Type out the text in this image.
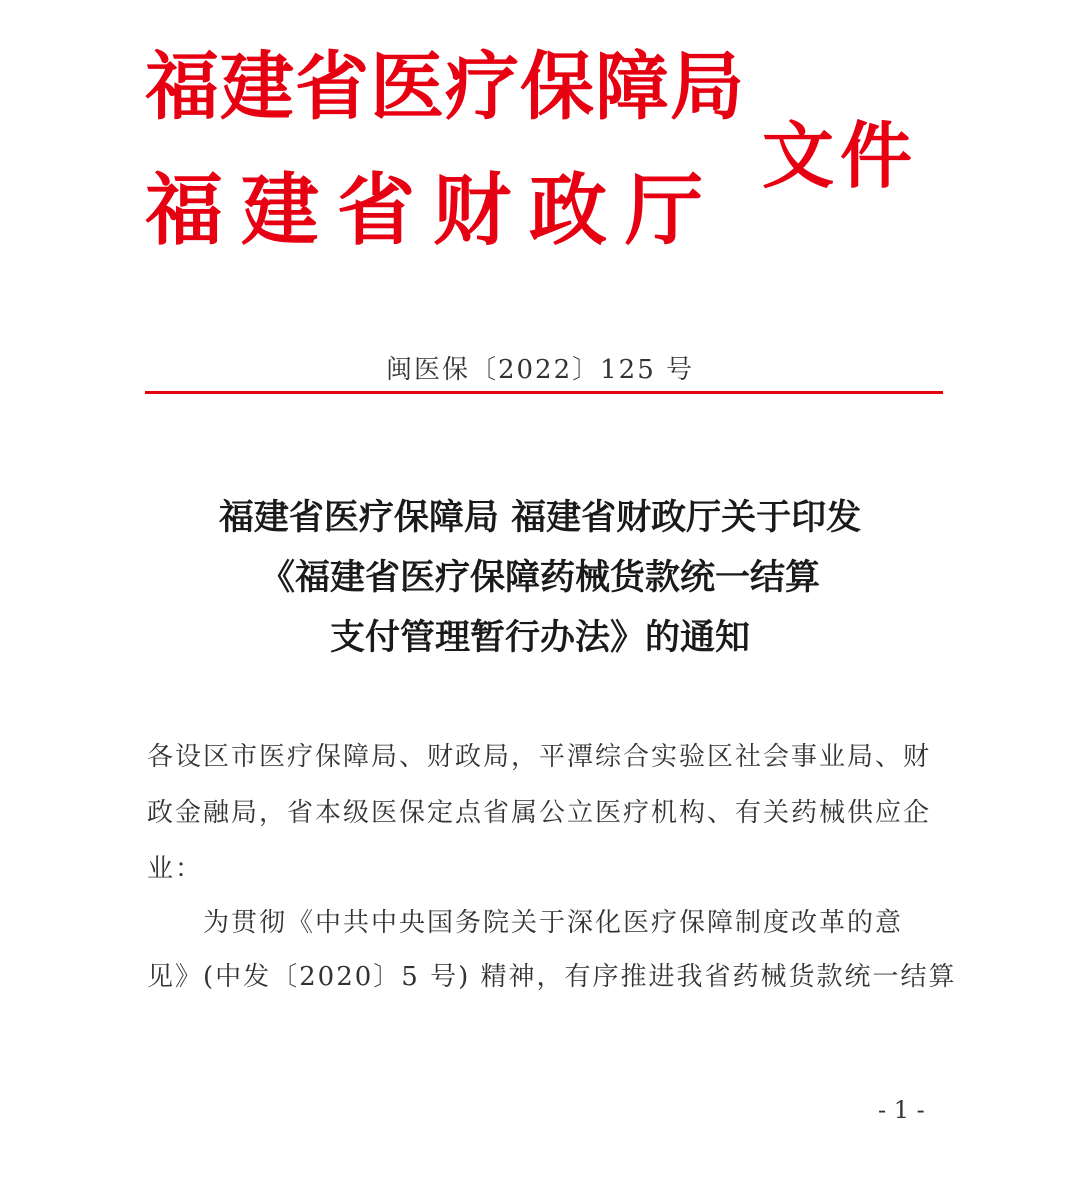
福建省医疗保障局
福建省财政厅
文件
闽医保〔2022〕125 号
福建省医疗保障局 福建省财政厅关于印发
《福建省医疗保障药械货款统一结算
支付管理暂行办法》的通知
各设区市医疗保障局、财政局，平潭综合实验区社会事业局、财
政金融局，省本级医保定点省属公立医疗机构、有关药械供应企
业：
为贯彻《中共中央国务院关于深化医疗保障制度改革的意
见》(中发〔2020〕5 号) 精神，有序推进我省药械货款统一结算
- 1 -
